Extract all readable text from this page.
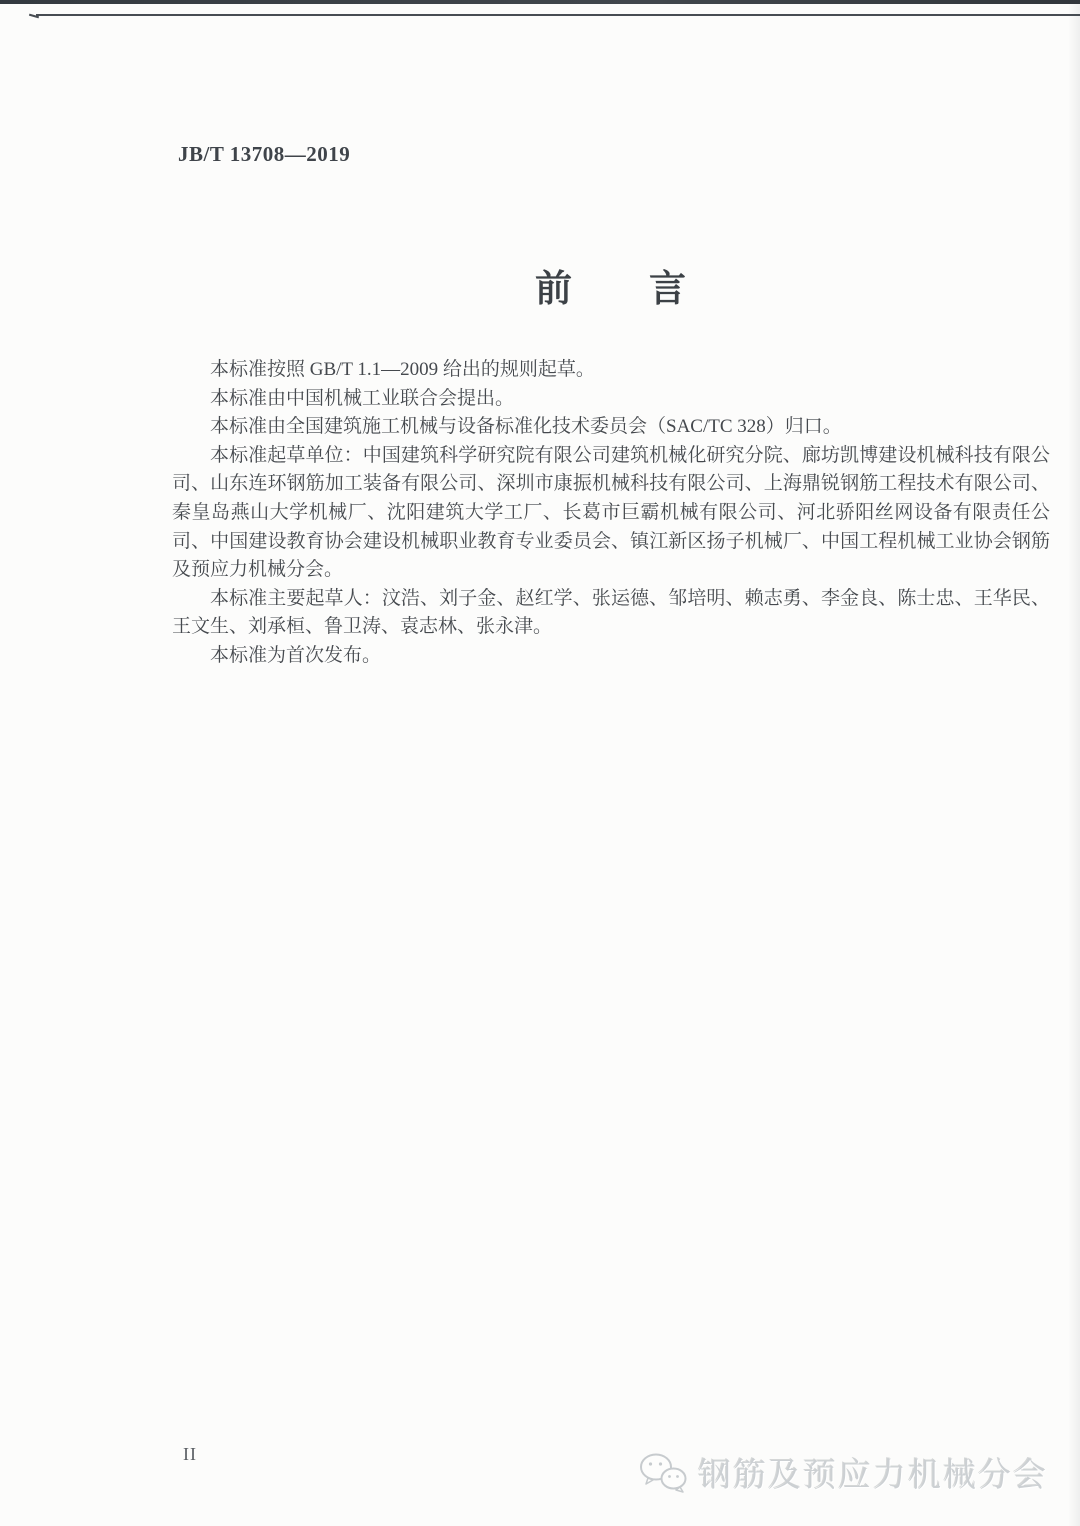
JB/T 13708—2019
前　　言

本标准按照 GB/T 1.1—2009 给出的规则起草。

本标准由中国机械工业联合会提出。

本标准由全国建筑施工机械与设备标准化技术委员会（SAC/TC 328）归口。

本标准起草单位：中国建筑科学研究院有限公司建筑机械化研究分院、廊坊凯博建设机械科技有限公司、山东连环钢筋加工装备有限公司、深圳市康振机械科技有限公司、上海鼎锐钢筋工程技术有限公司、秦皇岛燕山大学机械厂、沈阳建筑大学工厂、长葛市巨霸机械有限公司、河北骄阳丝网设备有限责任公司、中国建设教育协会建设机械职业教育专业委员会、镇江新区扬子机械厂、中国工程机械工业协会钢筋及预应力机械分会。

本标准主要起草人：汶浩、刘子金、赵红学、张运德、邹培明、赖志勇、李金良、陈士忠、王华民、王文生、刘承桓、鲁卫涛、袁志林、张永津。

本标准为首次发布。

II
钢筋及预应力机械分会
